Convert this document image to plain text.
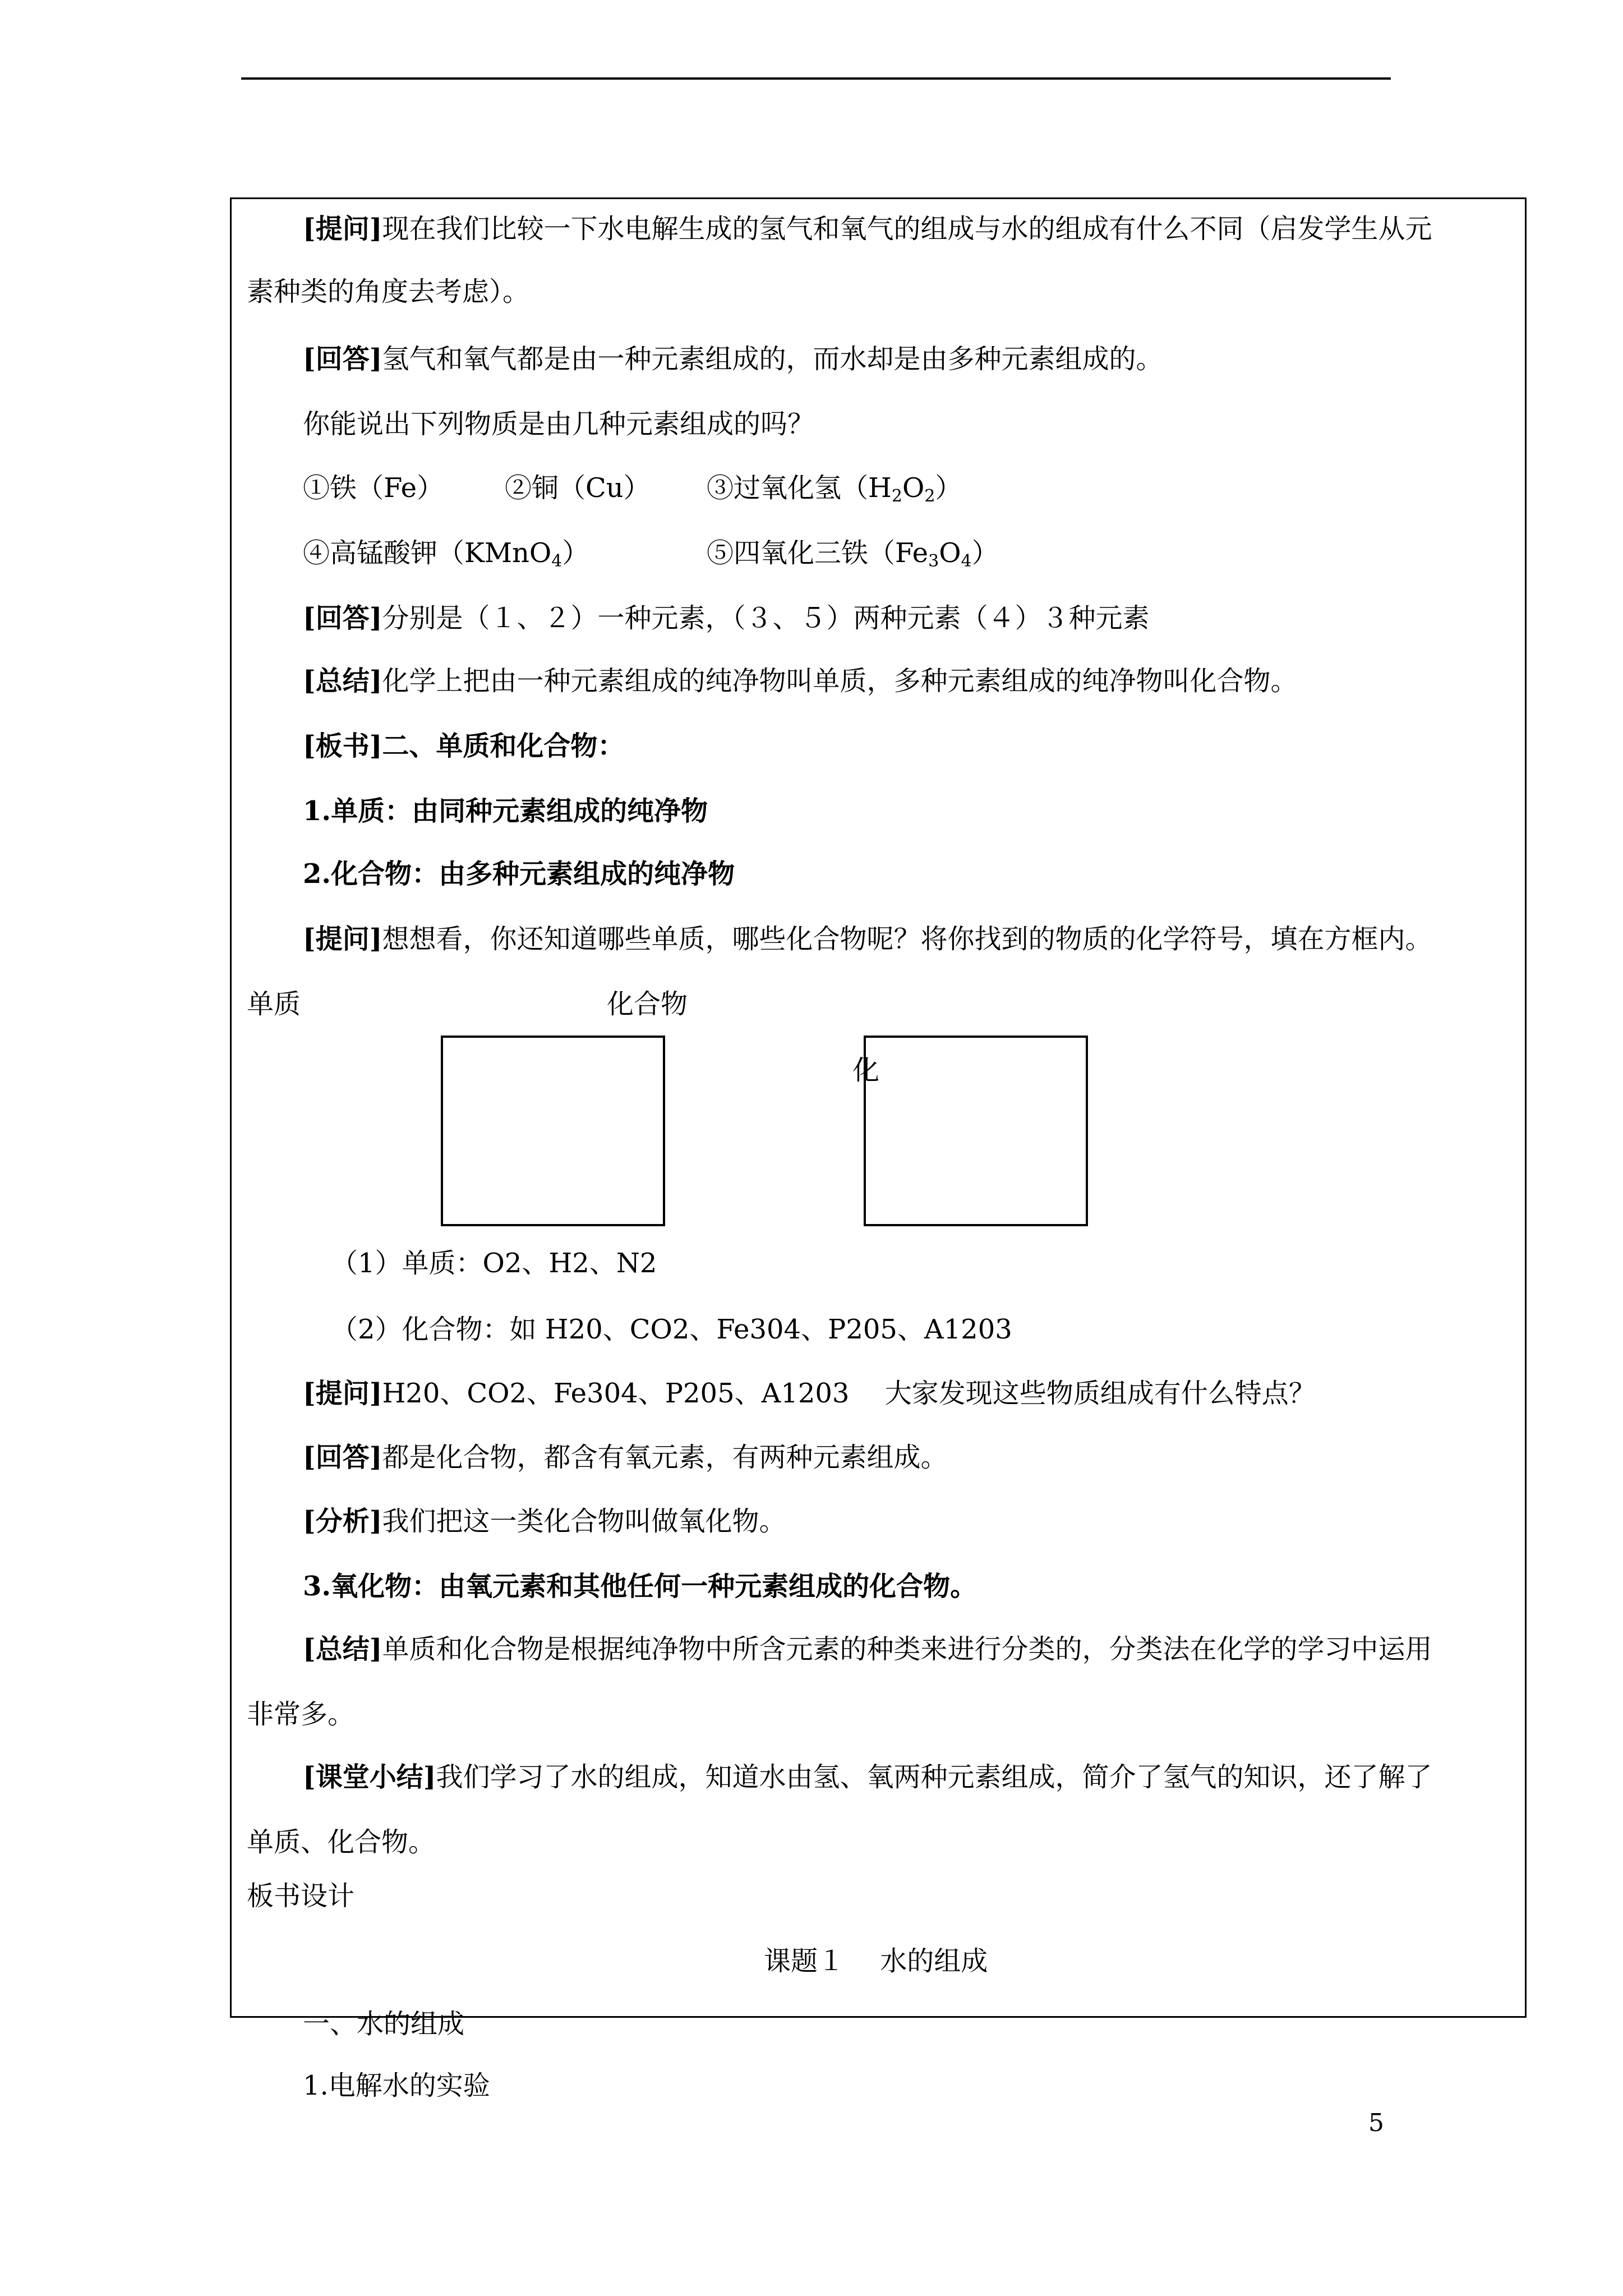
[提问]现在我们比较一下水电解生成的氢气和氧气的组成与水的组成有什么不同（启发学生从元
素种类的角度去考虑）。
[回答]氢气和氧气都是由一种元素组成的，而水却是由多种元素组成的。
你能说出下列物质是由几种元素组成的吗？
①铁（Fe） ②铜（Cu） ③过氧化氢$(H_2O_2)$
④高锰酸钾（KMnO$_4$）	⑤四氧化三铁$(Fe_3O_4)$
[回答]分别是（１、２）一种元素，（３、５）两种元素（４）３种元素
[总结]化学上把由一种元素组成的纯净物叫单质，多种元素组成的纯净物叫化合物。
[板书]二、单质和化合物：
1.单质：由同种元素组成的纯净物
2.化合物：由多种元素组成的纯净物
[提问]想想看，你还知道哪些单质，哪些化合物呢？将你找到的物质的化学符号，填在方框内。
单质	化合物
化
（1）单质：O2、H2、N2
（2）化合物：如 H20、CO2、Fe304、P205、A1203
[提问]H20、CO2、Fe304、P205、A1203　 大家发现这些物质组成有什么特点？
[回答]都是化合物，都含有氧元素，有两种元素组成。
[分析]我们把这一类化合物叫做氧化物。
3.氧化物：由氧元素和其他任何一种元素组成的化合物。
[总结]单质和化合物是根据纯净物中所含元素的种类来进行分类的，分类法在化学的学习中运用
非常多。
[课堂小结]我们学习了水的组成，知道水由氢、氧两种元素组成，简介了氢气的知识，还了解了
单质、化合物。
板书设计
课题１　 水的组成
一、水的组成
1.电解水的实验
5
